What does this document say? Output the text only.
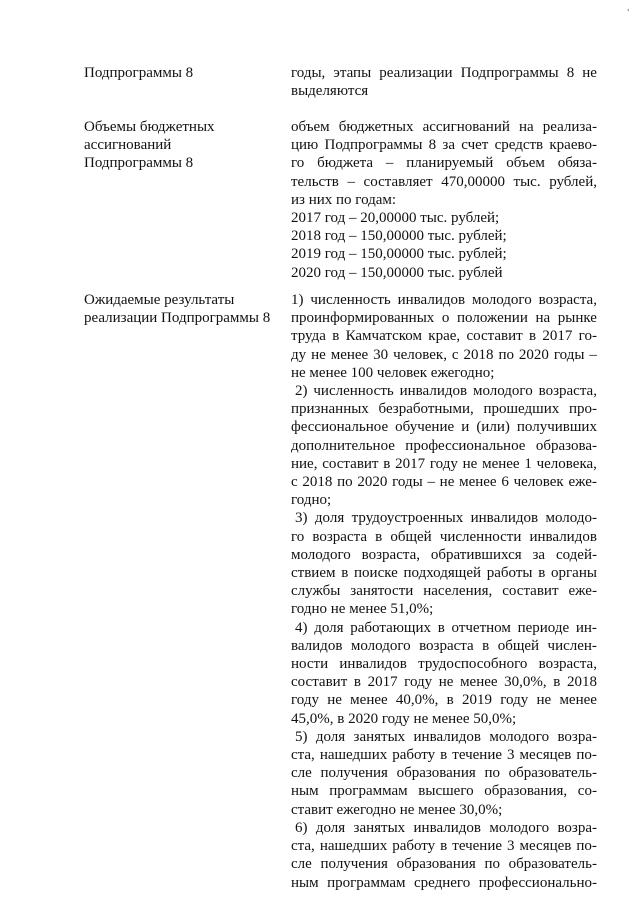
'
Подпрограммы 8	годы, этапы реализации Подпрограммы 8 не
выделяются
Объемы бюджетных
ассигнований
Подпрограммы 8
объем бюджетных ассигнований на реализа-
цию Подпрограммы 8 за счет средств краево-
го бюджета – планируемый объем обяза-
тельств – составляет 470,00000 тыс. рублей,
из них по годам:
2017 год – 20,00000 тыс. рублей;
2018 год – 150,00000 тыс. рублей;
2019 год – 150,00000 тыс. рублей;
2020 год – 150,00000 тыс. рублей
Ожидаемые результаты
реализации Подпрограммы 8
1) численность инвалидов молодого возраста,
проинформированных о положении на рынке
труда в Камчатском крае, составит в 2017 го-
ду не менее 30 человек, с 2018 по 2020 годы –
не менее 100 человек ежегодно;
2) численность инвалидов молодого возраста,
признанных безработными, прошедших про-
фессиональное обучение и (или) получивших
дополнительное профессиональное образова-
ние, составит в 2017 году не менее 1 человека,
с 2018 по 2020 годы – не менее 6 человек еже-
годно;
3) доля трудоустроенных инвалидов молодо-
го возраста в общей численности инвалидов
молодого возраста, обратившихся за содей-
ствием в поиске подходящей работы в органы
службы занятости населения, составит еже-
годно не менее 51,0%;
4) доля работающих в отчетном периоде ин-
валидов молодого возраста в общей числен-
ности инвалидов трудоспособного возраста,
составит в 2017 году не менее 30,0%, в 2018
году не менее 40,0%, в 2019 году не менее
45,0%, в 2020 году не менее 50,0%;
5) доля занятых инвалидов молодого возра-
ста, нашедших работу в течение 3 месяцев по-
сле получения образования по образователь-
ным программам высшего образования, со-
ставит ежегодно не менее 30,0%;
6) доля занятых инвалидов молодого возра-
ста, нашедших работу в течение 3 месяцев по-
сле получения образования по образователь-
ным программам среднего профессионально-
